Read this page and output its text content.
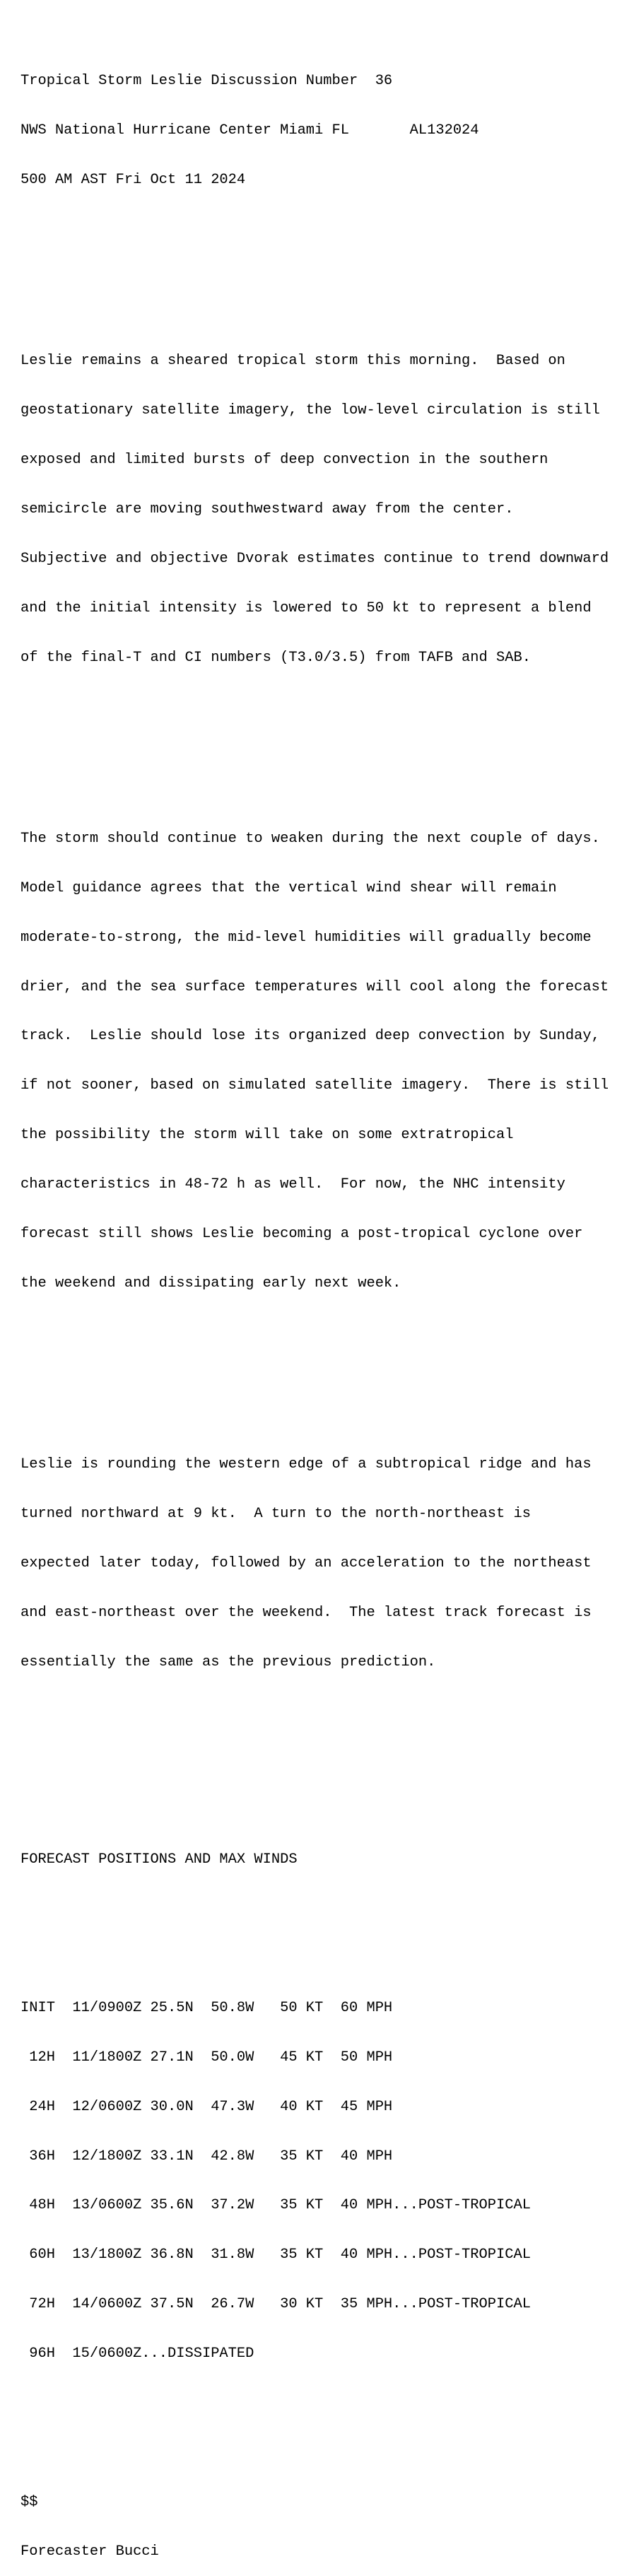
Tropical Storm Leslie Discussion Number  36

NWS National Hurricane Center Miami FL       AL132024

500 AM AST Fri Oct 11 2024

Leslie remains a sheared tropical storm this morning.  Based on

geostationary satellite imagery, the low-level circulation is still

exposed and limited bursts of deep convection in the southern

semicircle are moving southwestward away from the center.

Subjective and objective Dvorak estimates continue to trend downward

and the initial intensity is lowered to 50 kt to represent a blend

of the final-T and CI numbers (T3.0/3.5) from TAFB and SAB.

The storm should continue to weaken during the next couple of days.

Model guidance agrees that the vertical wind shear will remain

moderate-to-strong, the mid-level humidities will gradually become

drier, and the sea surface temperatures will cool along the forecast

track.  Leslie should lose its organized deep convection by Sunday,

if not sooner, based on simulated satellite imagery.  There is still

the possibility the storm will take on some extratropical

characteristics in 48-72 h as well.  For now, the NHC intensity

forecast still shows Leslie becoming a post-tropical cyclone over

the weekend and dissipating early next week.

Leslie is rounding the western edge of a subtropical ridge and has

turned northward at 9 kt.  A turn to the north-northeast is

expected later today, followed by an acceleration to the northeast

and east-northeast over the weekend.  The latest track forecast is

essentially the same as the previous prediction.

FORECAST POSITIONS AND MAX WINDS

INIT  11/0900Z 25.5N  50.8W   50 KT  60 MPH

12H  11/1800Z 27.1N  50.0W   45 KT  50 MPH

24H  12/0600Z 30.0N  47.3W   40 KT  45 MPH

36H  12/1800Z 33.1N  42.8W   35 KT  40 MPH

48H  13/0600Z 35.6N  37.2W   35 KT  40 MPH...POST-TROPICAL

60H  13/1800Z 36.8N  31.8W   35 KT  40 MPH...POST-TROPICAL

72H  14/0600Z 37.5N  26.7W   30 KT  35 MPH...POST-TROPICAL

96H  15/0600Z...DISSIPATED

$$

Forecaster Bucci
